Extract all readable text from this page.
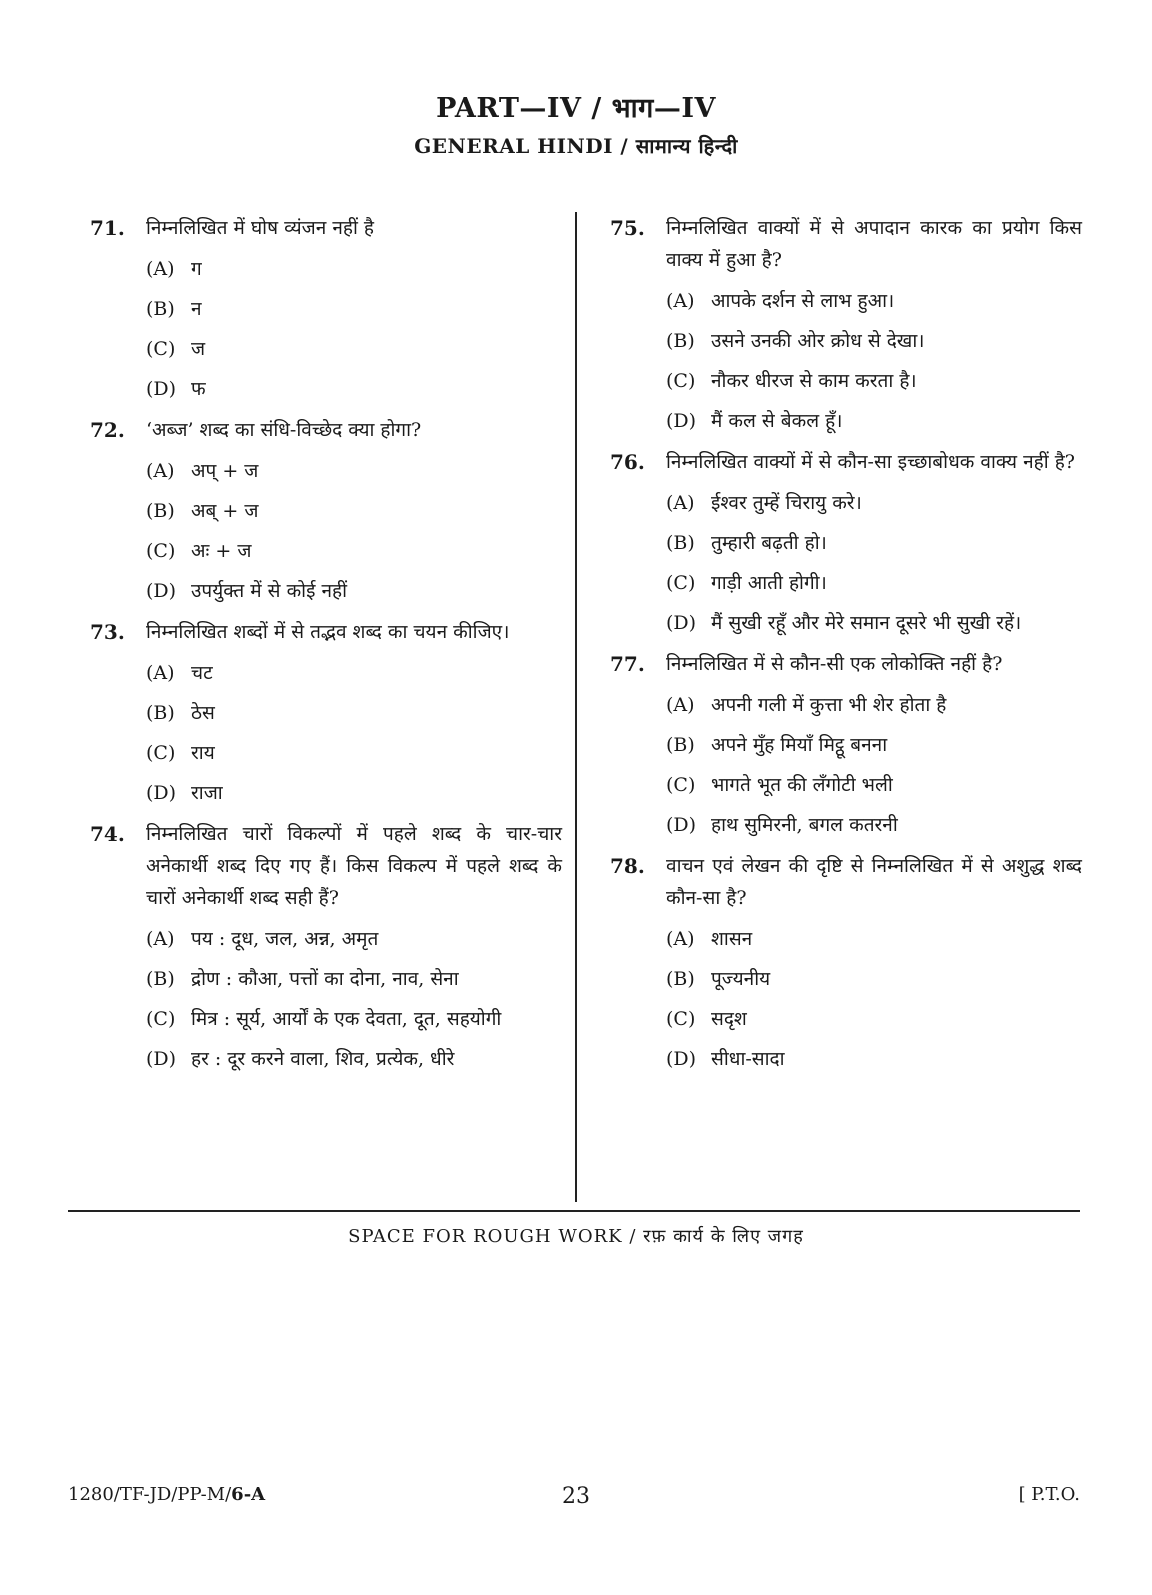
PART—IV / भाग—IV
GENERAL HINDI / सामान्य हिन्दी
71.	निम्नलिखित में घोष व्यंजन नहीं है
(A) ग
(B) न
(C) ज
(D) फ
72.	‘अब्ज’ शब्द का संधि-विच्छेद क्या होगा?
(A) अप् + ज
(B) अब् + ज
(C) अः + ज
(D) उपर्युक्त में से कोई नहीं
73.	निम्नलिखित शब्दों में से तद्भव शब्द का चयन कीजिए।
(A) चट
(B) ठेस
(C) राय
(D) राजा
74.	निम्नलिखित चारों विकल्पों में पहले शब्द के चार-चार अनेकार्थी शब्द दिए गए हैं। किस विकल्प में पहले शब्द के चारों अनेकार्थी शब्द सही हैं?
(A) पय : दूध, जल, अन्न, अमृत
(B) द्रोण : कौआ, पत्तों का दोना, नाव, सेना
(C) मित्र : सूर्य, आर्यों के एक देवता, दूत, सहयोगी
(D) हर : दूर करने वाला, शिव, प्रत्येक, धीरे
75.	निम्नलिखित वाक्यों में से अपादान कारक का प्रयोग किस वाक्य में हुआ है?
(A) आपके दर्शन से लाभ हुआ।
(B) उसने उनकी ओर क्रोध से देखा।
(C) नौकर धीरज से काम करता है।
(D) मैं कल से बेकल हूँ।
76.	निम्नलिखित वाक्यों में से कौन-सा इच्छाबोधक वाक्य नहीं है?
(A) ईश्वर तुम्हें चिरायु करे।
(B) तुम्हारी बढ़ती हो।
(C) गाड़ी आती होगी।
(D) मैं सुखी रहूँ और मेरे समान दूसरे भी सुखी रहें।
77.	निम्नलिखित में से कौन-सी एक लोकोक्ति नहीं है?
(A) अपनी गली में कुत्ता भी शेर होता है
(B) अपने मुँह मियाँ मिट्ठू बनना
(C) भागते भूत की लँगोटी भली
(D) हाथ सुमिरनी, बगल कतरनी
78.	वाचन एवं लेखन की दृष्टि से निम्नलिखित में से अशुद्ध शब्द कौन-सा है?
(A) शासन
(B) पूज्यनीय
(C) सदृश
(D) सीधा-सादा
SPACE FOR ROUGH WORK / रफ़ कार्य के लिए जगह
1280/TF-JD/PP-M/6-A	23	[ P.T.O.
